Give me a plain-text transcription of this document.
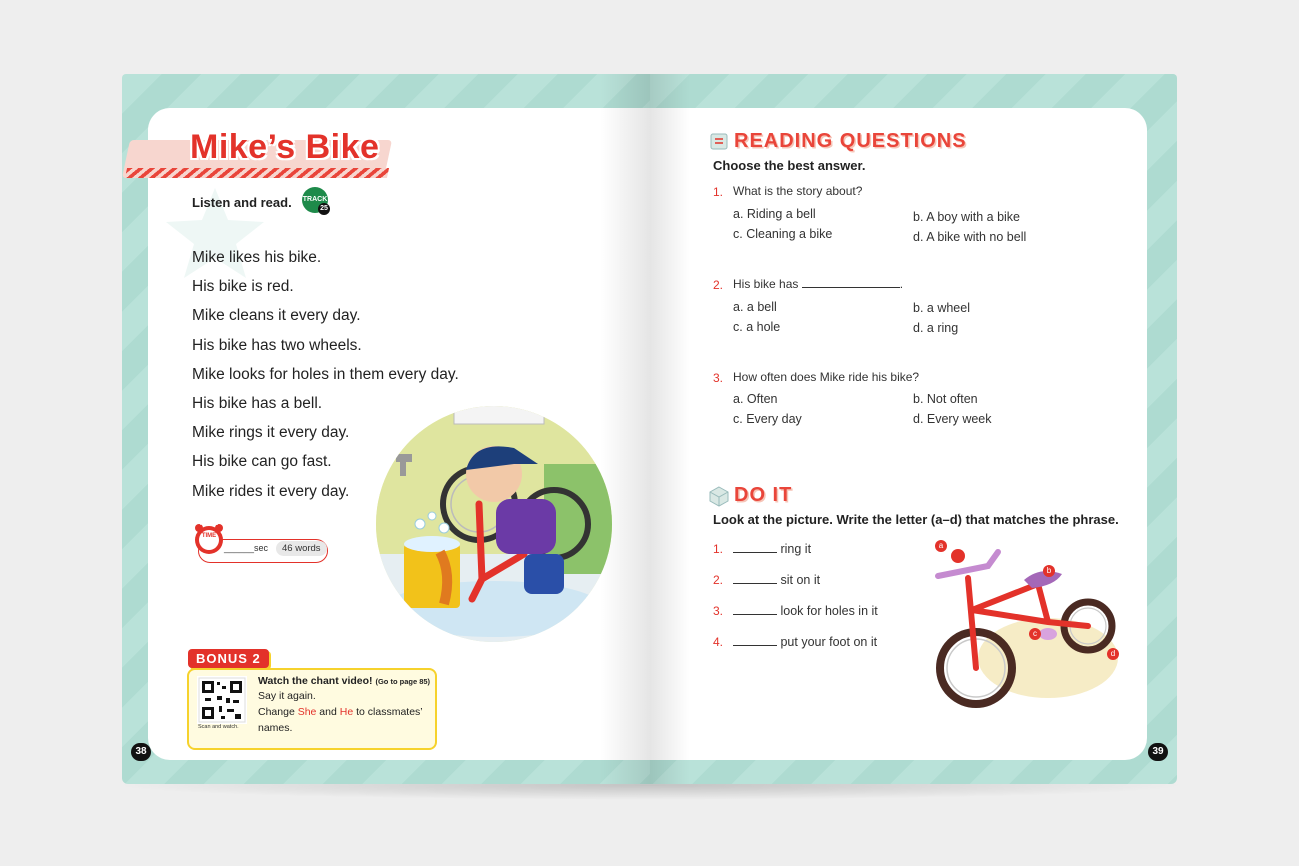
Mike’s Bike
Listen and read. TRACK
25
Mike likes his bike.
His bike is red.
Mike cleans it every day.
His bike has two wheels.
Mike looks for holes in them every day.
His bike has a bell.
Mike rings it every day.
His bike can go fast.
Mike rides it every day.
TIME
READING
______sec	46 words
BONUS 2
Scan and watch.
Watch the chant video! (Go to page 85)
Say it again.
Change She and He to classmates’
names.
38
READING QUESTIONS
Choose the best answer.
1. What is the story about?
a. Riding a bell	b. A boy with a bike
c. Cleaning a bike	d. A bike with no bell
2. His bike has	.
a. a bell	b. a wheel
c. a hole	d. a ring
3. How often does Mike ride his bike?
a. Often	b. Not often
c. Every day	d. Every week
DO IT
Look at the picture. Write the letter (a–d) that matches the phrase.
1.	ring it
2.	sit on it
3.	look for holes in it
4.	put your foot on it
a
b
c
d
39
